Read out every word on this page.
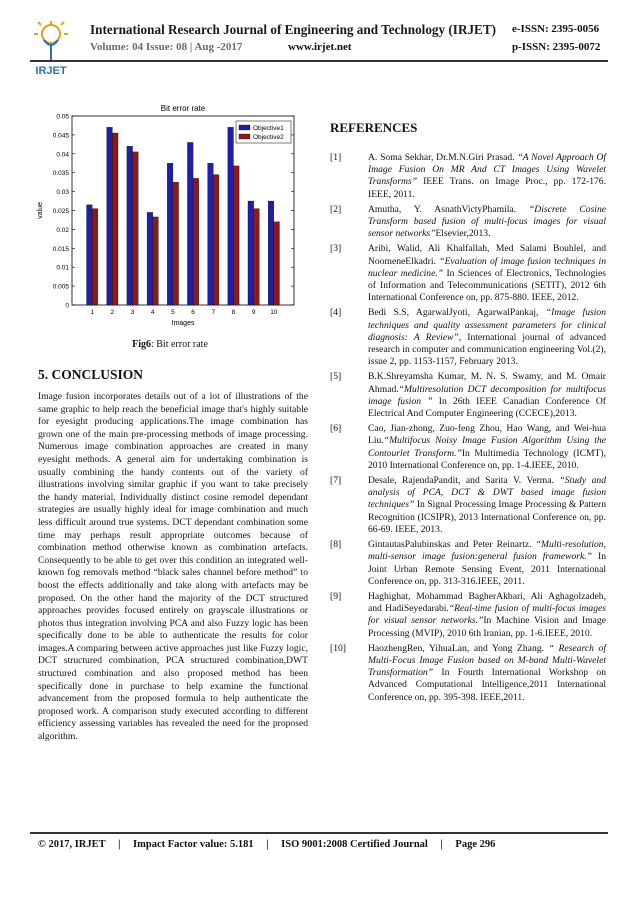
IRJET
International Research Journal of Engineering and Technology (IRJET) e-ISSN: 2395-0056
Volume: 04 Issue: 08 | Aug -2017	www.irjet.net	p-ISSN: 2395-0072
Bit error rate
0
0.005
0.01
0.015
0.02
0.025
0.03
0.035
0.04
0.045
0.05
1	2	3	4	5	6	7	8	9 10
Images
value
Objective1
Objective2
Fig6: Bit error rate
5. CONCLUSION

Image fusion incorporates details out of a lot of illustrations of the same graphic to help reach the beneficial image that's highly suitable for eyesight producing applications.The image combination has grown one of the main pre-processing methods of image processing. Numerous image combination approaches are created in many eyesight methods. A general aim for undertaking combination is usually combining the handy contents out of the variety of illustrations involving similar graphic if you want to take precisely the handy material. Individually distinct cosine remodel dependant strategies are usually highly ideal for image combination and much less difficult around true systems. DCT dependant combination some time may perhaps result appropriate outcomes because of combination method otherwise known as combination artefacts. Consequently to be able to get over this condition an integrated well-known fog removals method “black sales channel before method” to boost the effects additionally and take along with artefacts may be proposed. On the other hand the majority of the DCT structured approaches provides focused entirely on grayscale illustrations or photos thus integration involving PCA and also Fuzzy logic has been specifically done to be able to authenticate the results for color images.A comparing between active approaches just like Fuzzy logic, DCT structured combination, PCA structured combination,DWT structured combination and also proposed method has been specifically done in purchase to help examine the functional advancement from the proposed formula to help authenticate the proposed work. A comparison study executed according to different efficiency assessing variables has revealed the need for the proposed algorithm.

REFERENCES
[1]	A. Soma Sekhar, Dr.M.N.Giri Prasad. “A Novel Approach Of Image Fusion On MR And CT Images Using Wavelet Transforms” IEEE Trans. on Image Proc., pp. 172-176. IEEE, 2011.
[2]	Amutha, Y. AsnathVictyPhamila. “Discrete Cosine Transform based fusion of multi-focus images for visual sensor networks”Elsevier,2013.
[3]	Aribi, Walid, Ali Khalfallah, Med Salami Bouhlel, and NoomeneElkadri. “Evaluation of image fusion techniques in nuclear medicine.” In Sciences of Electronics, Technologies of Information and Telecommunications (SETIT), 2012 6th International Conference on, pp. 875-880. IEEE, 2012.
[4]	Bedi S.S, AgarwalJyoti, AgarwalPankaj, “Image fusion techniques and quality assessment parameters for clinical diagnosis: A Review”, International journal of advanced research in computer and communication engineering Vol.(2), issue 2, pp. 1153-1157, February 2013.
[5]	B.K.Shreyamsha Kumar, M. N. S. Swamy, and M. Omair Ahmad.“Multiresolution DCT decomposition for multifocus image fusion ” In 26th IEEE Canadian Conference Of Electrical And Computer Engineering (CCECE),2013.
[6]	Cao, Jian-zhong, Zuo-feng Zhou, Hao Wang, and Wei-hua Liu.“Multifocus Noisy Image Fusion Algorithm Using the Contourlet Transform.”In Multimedia Technology (ICMT), 2010 International Conference on, pp. 1-4.IEEE, 2010.
[7]	Desale, RajendaPandit, and Sarita V. Verma. “Study and analysis of PCA, DCT & DWT based image fusion techniques” In Signal Processing Image Processing & Pattern Recognition (ICSIPR), 2013 International Conference on, pp. 66-69. IEEE, 2013.
[8]	GintautasPalubinskas and Peter Reinartz. “Multi-resolution, multi-sensor image fusion:general fusion framework.” In Joint Urban Remote Sensing Event, 2011 International Conference on, pp. 313-316.IEEE, 2011.
[9]	Haghighat, Mohammad BagherAkbari, Ali Aghagolzadeh, and HadiSeyedarabi.“Real-time fusion of multi-focus images for visual sensor networks.”In Machine Vision and Image Processing (MVIP), 2010 6th Iranian, pp. 1-6.IEEE, 2010.
[10] HaozhengRen, YihuaLan, and Yong Zhang. “ Research of Multi-Focus Image Fusion based on M-band Multi-Wavelet Transformation” In Fourth International Workshop on Advanced Computational Intelligence,2011 International Conference on, pp. 395-398. IEEE,2011.
© 2017, IRJET | Impact Factor value: 5.181 | ISO 9001:2008 Certified Journal | Page 296
